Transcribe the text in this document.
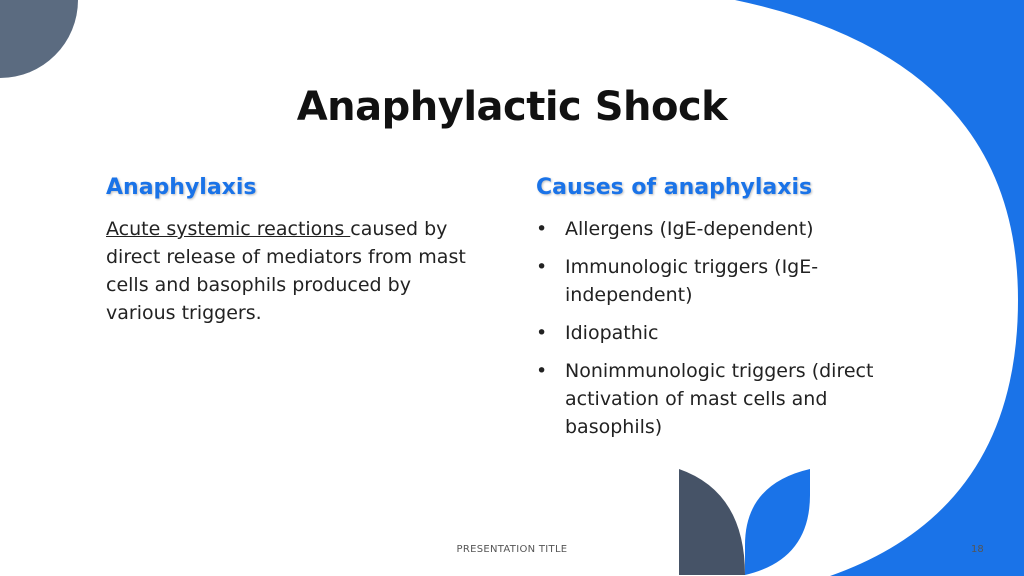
Anaphylactic Shock
Anaphylaxis
Acute systemic reactions caused by direct release of mediators from mast cells and basophils produced by various triggers.
Causes of anaphylaxis
• Allergens (IgE-dependent)
• Immunologic triggers (IgE-independent)
• Idiopathic
• Nonimmunologic triggers (direct activation of mast cells and basophils)
PRESENTATION TITLE	18
